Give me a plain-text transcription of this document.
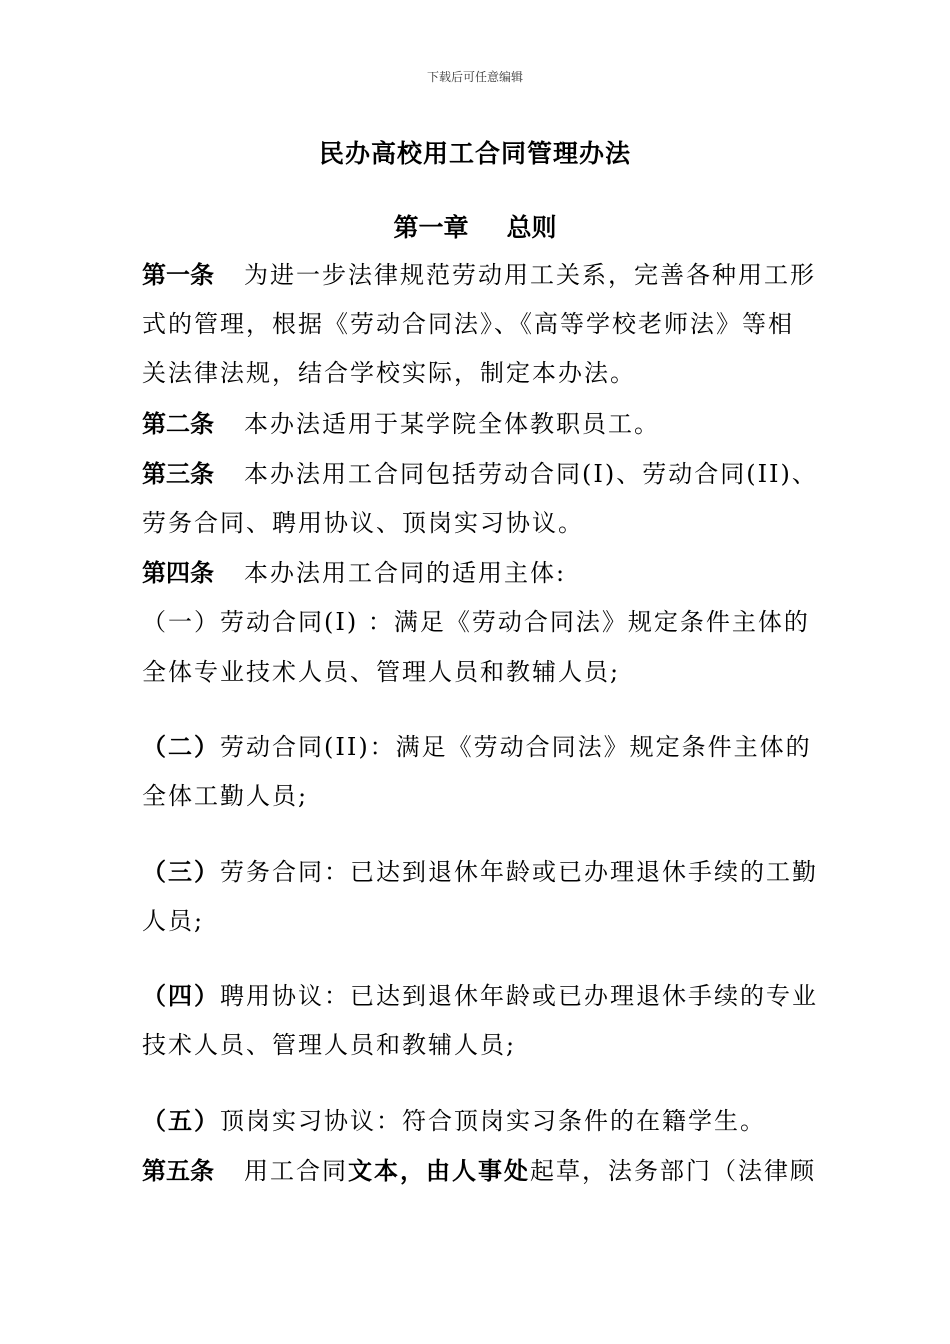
下载后可任意编辑
民办高校用工合同管理办法
第一章 总则
第一条 为进一步法律规范劳动用工关系，完善各种用工形
式的管理，根据《劳动合同法》、《高等学校老师法》等相
关法律法规，结合学校实际，制定本办法。
第二条 本办法适用于某学院全体教职员工。
第三条 本办法用工合同包括劳动合同(I)、劳动合同(II)、
劳务合同、聘用协议、顶岗实习协议。
第四条 本办法用工合同的适用主体:
（一）劳动合同(I) ：满足《劳动合同法》规定条件主体的
全体专业技术人员、管理人员和教辅人员;
（二）劳动合同(II)：满足《劳动合同法》规定条件主体的
全体工勤人员;
（三）劳务合同：已达到退休年龄或已办理退休手续的工勤
人员;
（四）聘用协议：已达到退休年龄或已办理退休手续的专业
技术人员、管理人员和教辅人员;
（五）顶岗实习协议：符合顶岗实习条件的在籍学生。
第五条 用工合同文本，由人事处起草，法务部门（法律顾
